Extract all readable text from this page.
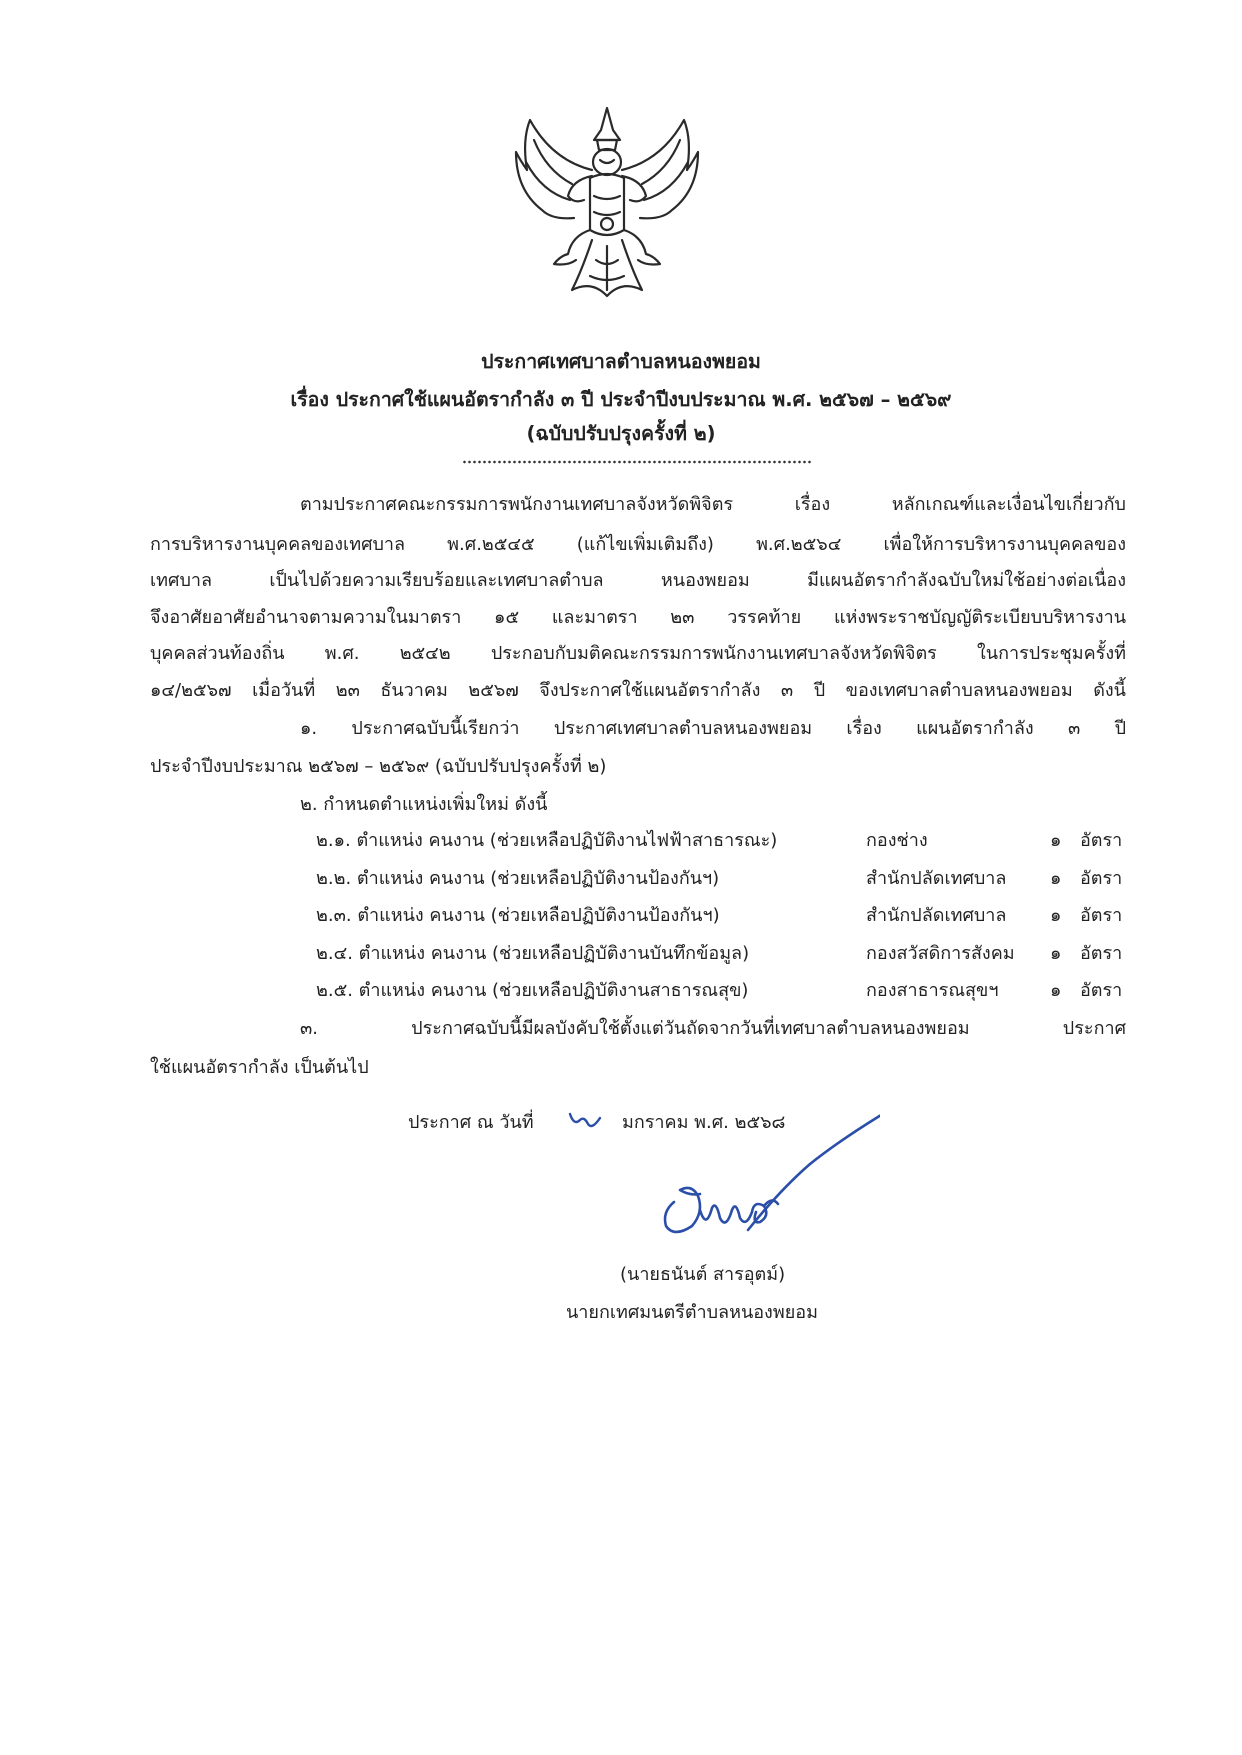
ประกาศเทศบาลตำบลหนองพยอม
เรื่อง ประกาศใช้แผนอัตรากำลัง ๓ ปี ประจำปีงบประมาณ พ.ศ. ๒๕๖๗ – ๒๕๖๙
(ฉบับปรับปรุงครั้งที่ ๒)
ตามประกาศคณะกรรมการพนักงานเทศบาลจังหวัดพิจิตร เรื่อง หลักเกณฑ์และเงื่อนไขเกี่ยวกับ
การบริหารงานบุคคลของเทศบาล พ.ศ.๒๕๔๕ (แก้ไขเพิ่มเติมถึง) พ.ศ.๒๕๖๔ เพื่อให้การบริหารงานบุคคลของ
เทศบาล เป็นไปด้วยความเรียบร้อยและเทศบาลตำบล หนองพยอม มีแผนอัตรากำลังฉบับใหม่ใช้อย่างต่อเนื่อง
จึงอาศัยอาศัยอำนาจตามความในมาตรา ๑๕ และมาตรา ๒๓ วรรคท้าย แห่งพระราชบัญญัติระเบียบบริหารงาน
บุคคลส่วนท้องถิ่น พ.ศ. ๒๕๔๒ ประกอบกับมติคณะกรรมการพนักงานเทศบาลจังหวัดพิจิตร ในการประชุมครั้งที่
๑๔/๒๕๖๗ เมื่อวันที่ ๒๓ ธันวาคม ๒๕๖๗ จึงประกาศใช้แผนอัตรากำลัง ๓ ปี ของเทศบาลตำบลหนองพยอม ดังนี้
๑. ประกาศฉบับนี้เรียกว่า ประกาศเทศบาลตำบลหนองพยอม เรื่อง แผนอัตรากำลัง ๓ ปี
ประจำปีงบประมาณ ๒๕๖๗ – ๒๕๖๙ (ฉบับปรับปรุงครั้งที่ ๒)
๒. กำหนดตำแหน่งเพิ่มใหม่ ดังนี้
๒.๑. ตำแหน่ง คนงาน (ช่วยเหลือปฏิบัติงานไฟฟ้าสาธารณะ)	กองช่าง	๑ อัตรา
๒.๒. ตำแหน่ง คนงาน (ช่วยเหลือปฏิบัติงานป้องกันฯ)	สำนักปลัดเทศบาล ๑ อัตรา
๒.๓. ตำแหน่ง คนงาน (ช่วยเหลือปฏิบัติงานป้องกันฯ)	สำนักปลัดเทศบาล ๑ อัตรา
๒.๔. ตำแหน่ง คนงาน (ช่วยเหลือปฏิบัติงานบันทึกข้อมูล)	กองสวัสดิการสังคม ๑ อัตรา
๒.๕. ตำแหน่ง คนงาน (ช่วยเหลือปฏิบัติงานสาธารณสุข)	กองสาธารณสุขฯ	๑ อัตรา
๓. ประกาศฉบับนี้มีผลบังคับใช้ตั้งแต่วันถัดจากวันที่เทศบาลตำบลหนองพยอม ประกาศ
ใช้แผนอัตรากำลัง เป็นต้นไป
ประกาศ ณ วันที่	มกราคม พ.ศ. ๒๕๖๘
(นายธนันต์ สารอุตม์)
นายกเทศมนตรีตำบลหนองพยอม
